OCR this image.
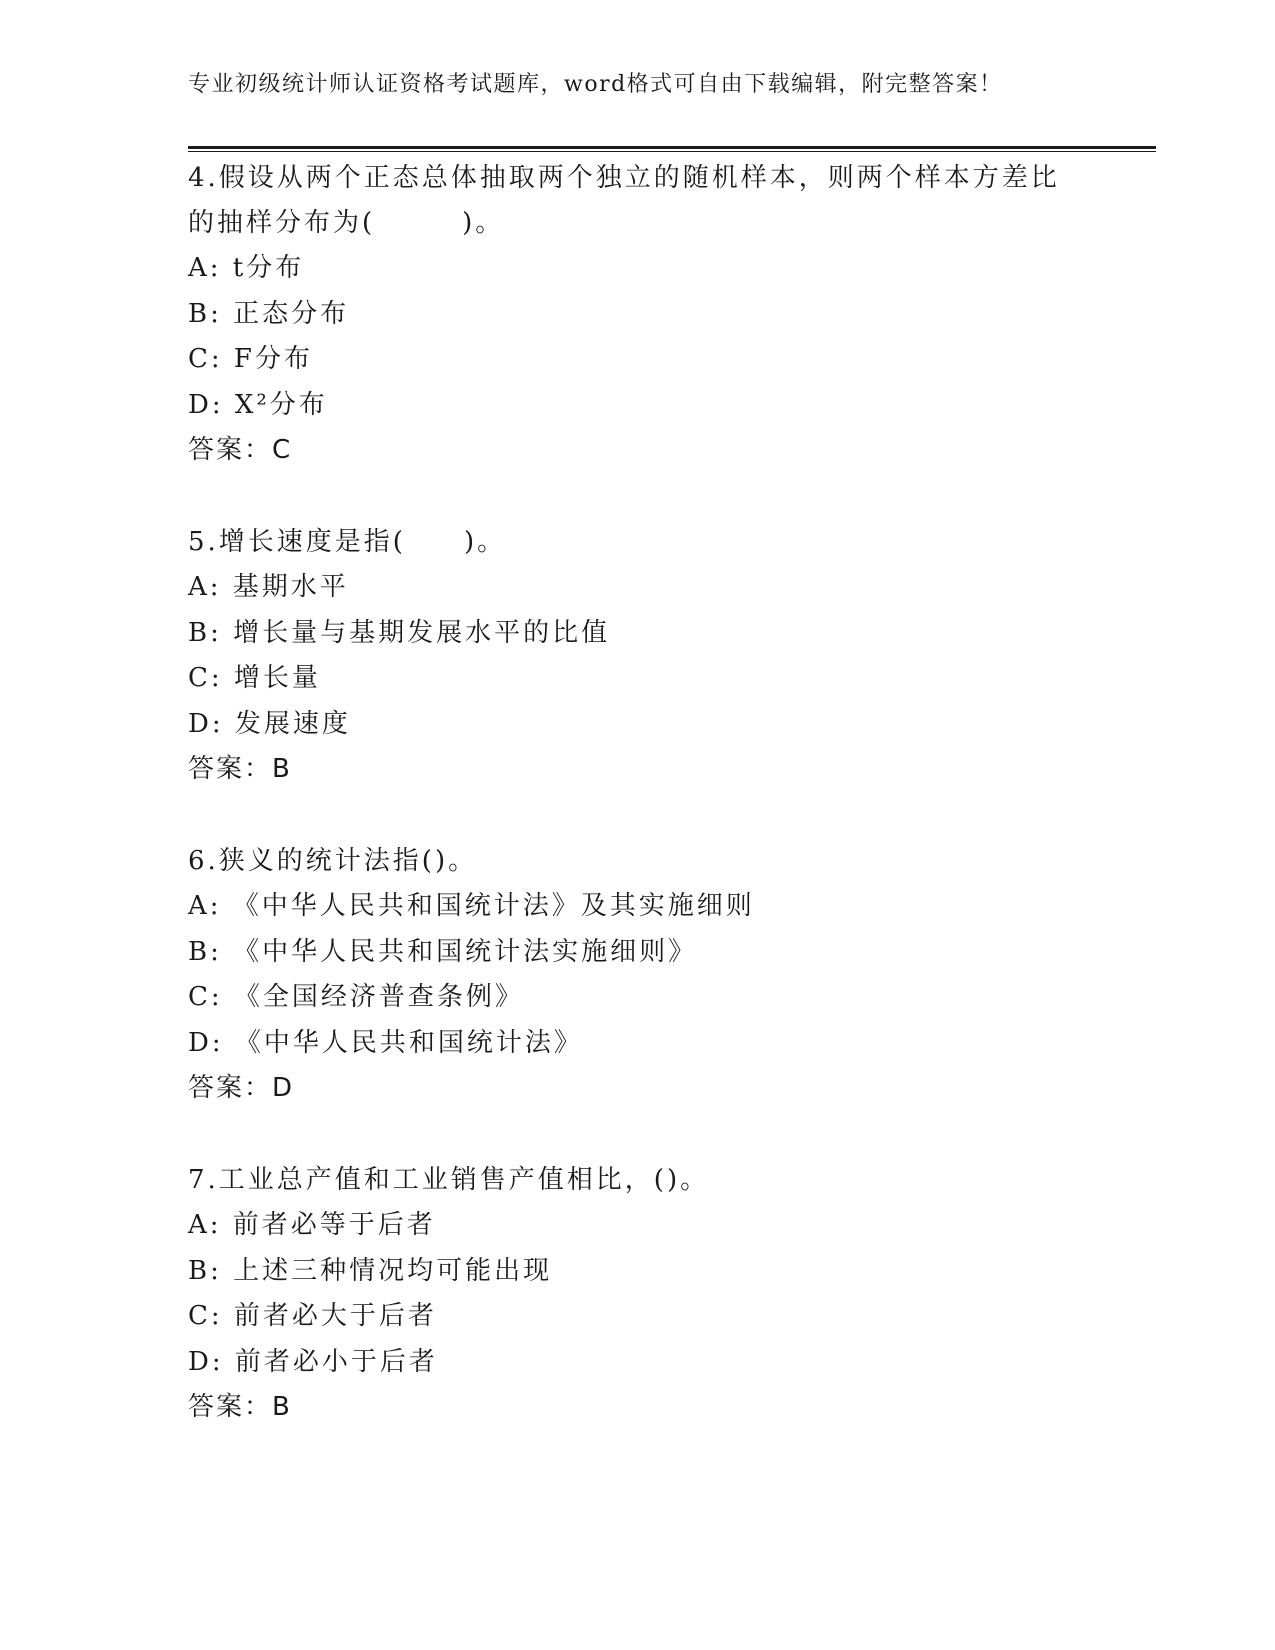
专业初级统计师认证资格考试题库，word格式可自由下载编辑，附完整答案！

4.假设从两个正态总体抽取两个独立的随机样本，则两个样本方差比

的抽样分布为(　　　)。

A: t分布

B: 正态分布

C: F分布

D: X²分布

答案：C

5.增长速度是指(　　)。

A: 基期水平

B: 增长量与基期发展水平的比值

C: 增长量

D: 发展速度

答案：B

6.狭义的统计法指()。

A: 《中华人民共和国统计法》及其实施细则

B: 《中华人民共和国统计法实施细则》

C: 《全国经济普查条例》

D: 《中华人民共和国统计法》

答案：D

7.工业总产值和工业销售产值相比，()。

A: 前者必等于后者

B: 上述三种情况均可能出现

C: 前者必大于后者

D: 前者必小于后者

答案：B
